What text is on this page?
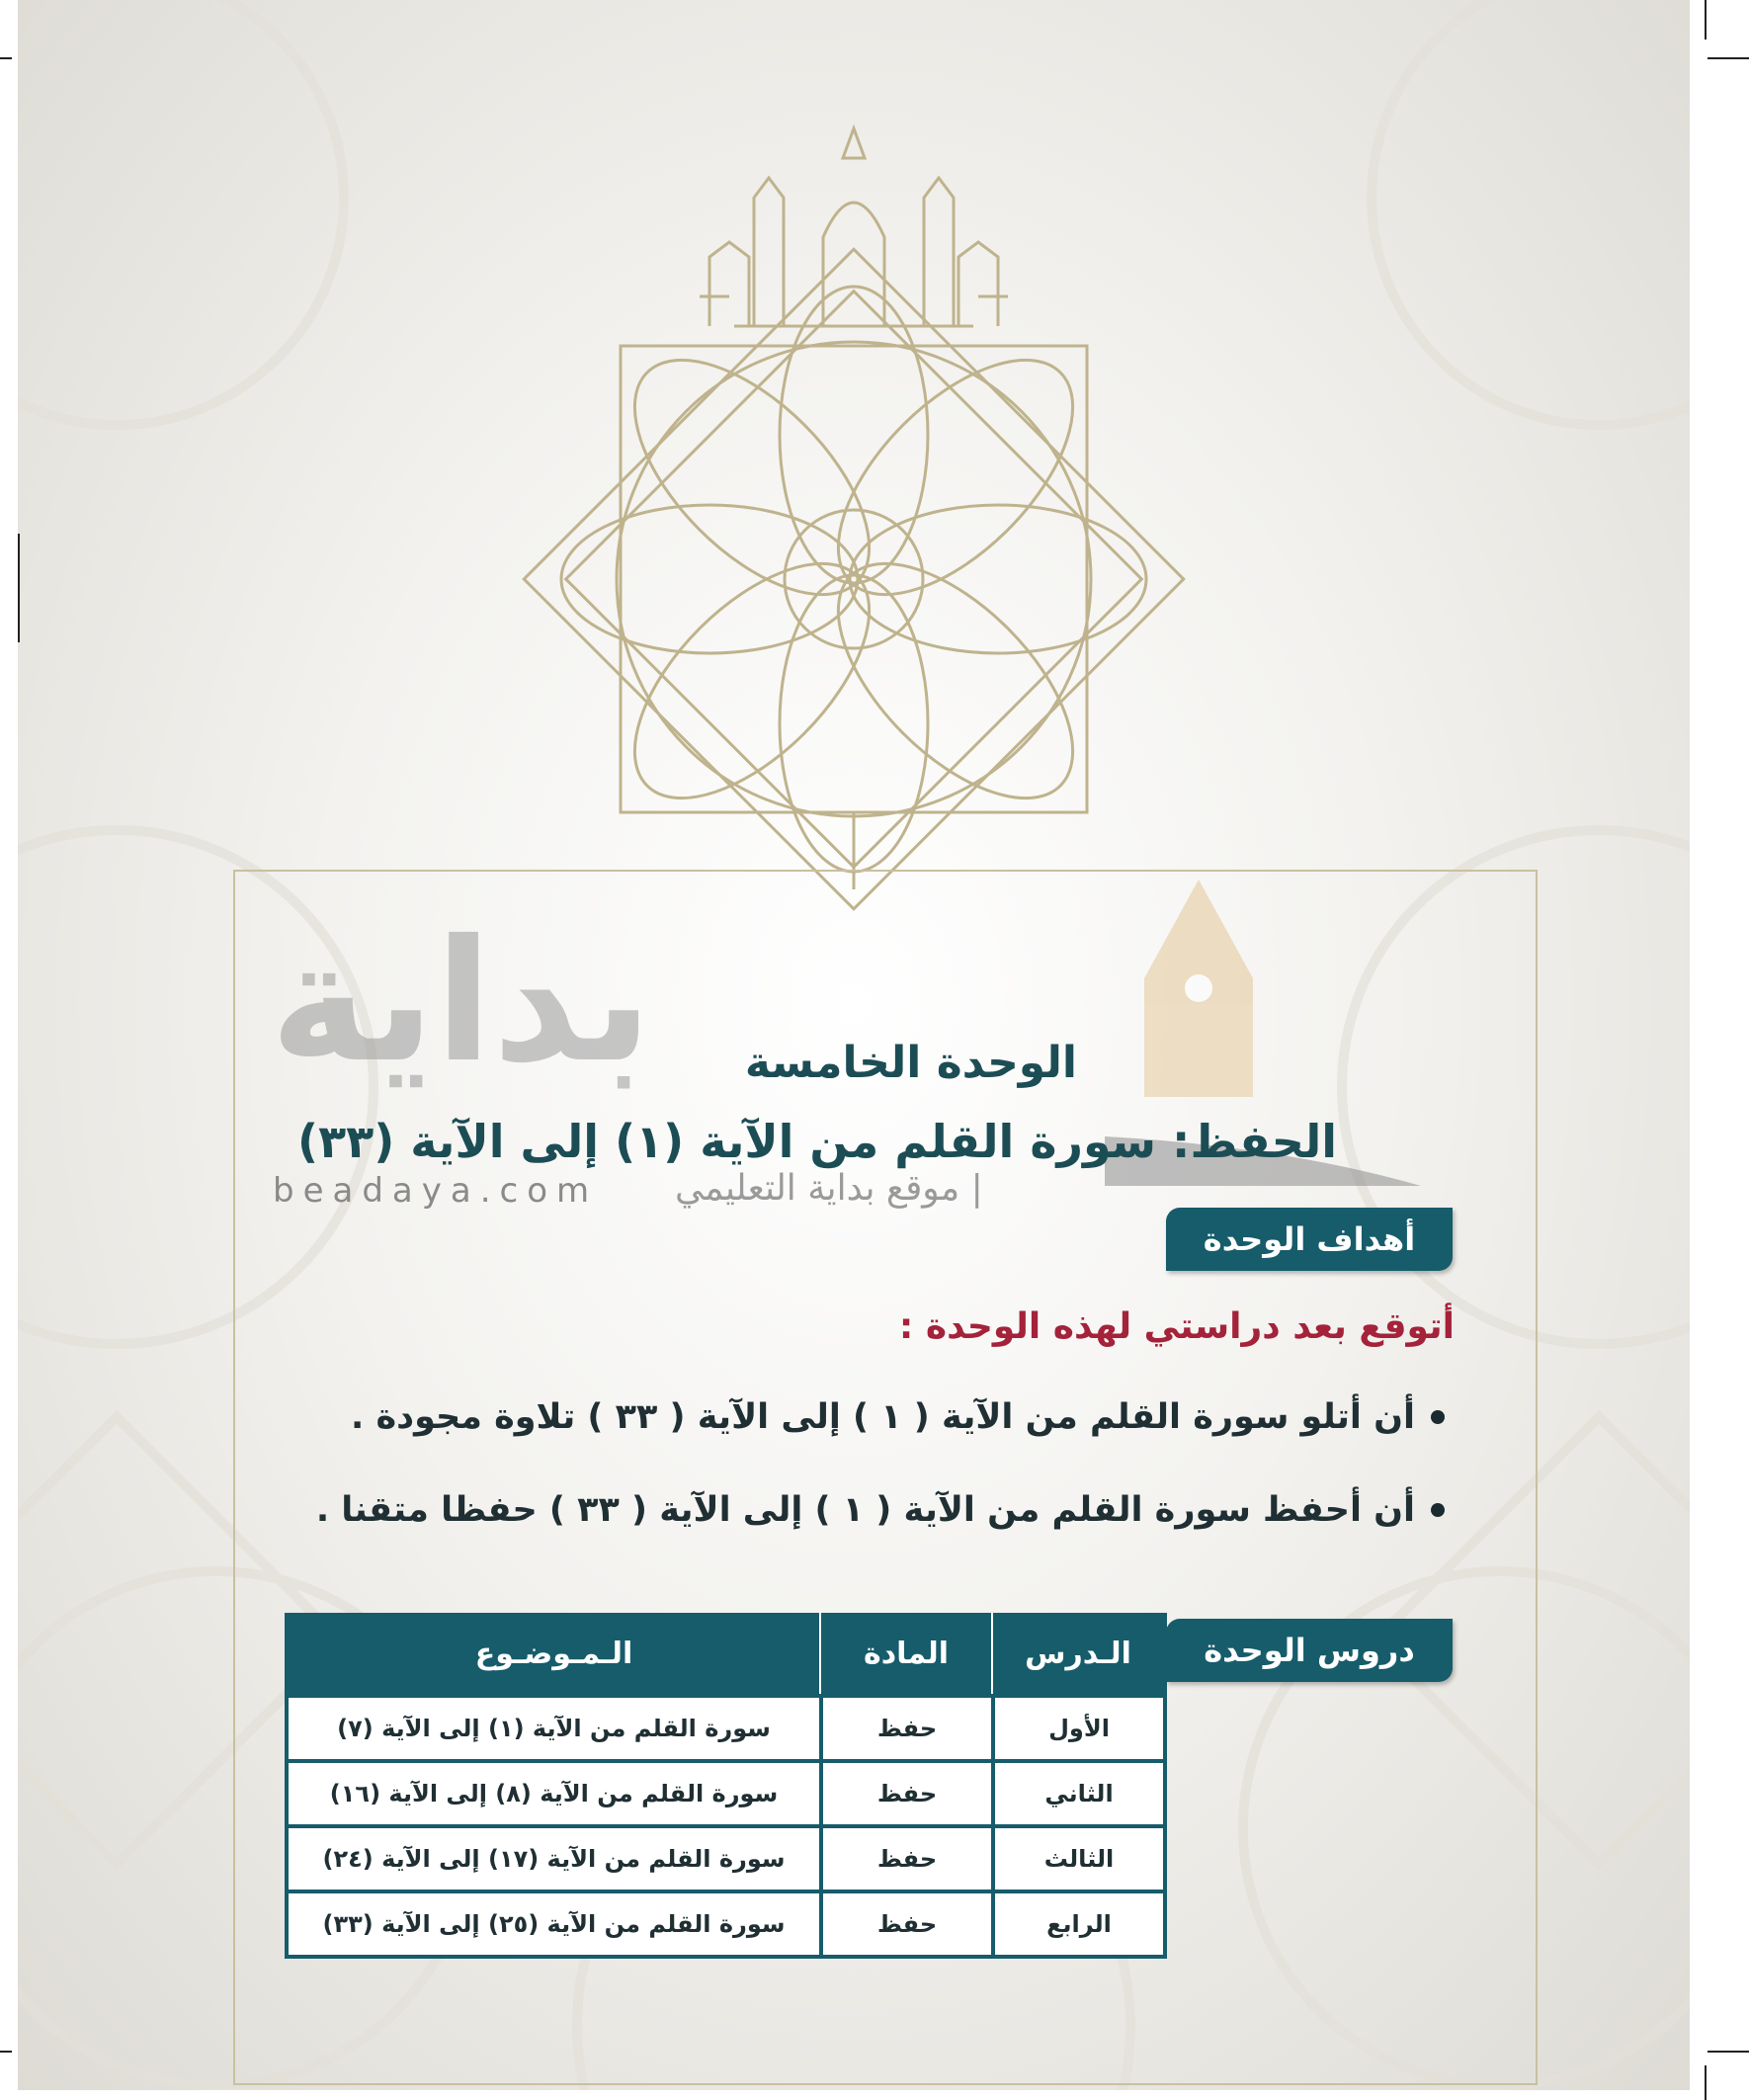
بداية
beadaya.com | موقع بداية التعليمي
الوحدة الخامسة
الحفظ: سورة القلم من الآية (١) إلى الآية (٣٣)
أهداف الوحدة
أتوقع بعد دراستي لهذه الوحدة :
أن أتلو سورة القلم من الآية ( ١ ) إلى الآية ( ٣٣ ) تلاوة مجودة .
أن أحفظ سورة القلم من الآية ( ١ ) إلى الآية ( ٣٣ ) حفظا متقنا .
دروس الوحدة
الـدرس	المادة	الـمـوضـوع
الأول	حفظ	سورة القلم من الآية (١) إلى الآية (٧)
الثاني	حفظ	سورة القلم من الآية (٨) إلى الآية (١٦)
الثالث	حفظ	سورة القلم من الآية (١٧) إلى الآية (٢٤)
الرابع	حفظ	سورة القلم من الآية (٢٥) إلى الآية (٣٣)
